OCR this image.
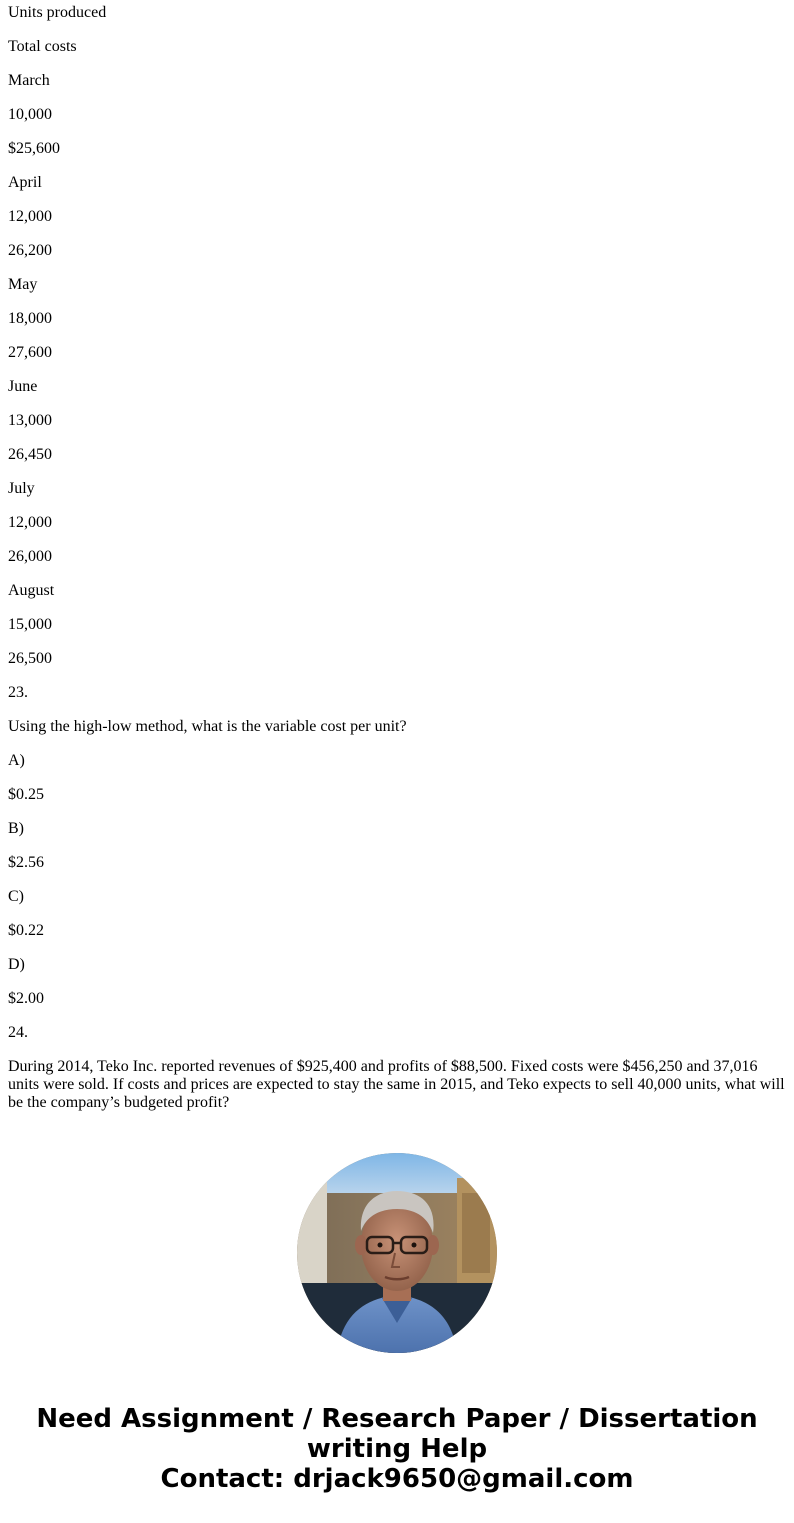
Units produced

Total costs

March

10,000

$25,600

April

12,000

26,200

May

18,000

27,600

June

13,000

26,450

July

12,000

26,000

August

15,000

26,500

23.

Using the high-low method, what is the variable cost per unit?

A)

$0.25

B)

$2.56

C)

$0.22

D)

$2.00

24.

During 2014, Teko Inc. reported revenues of $925,400 and profits of $88,500. Fixed costs were $456,250 and 37,016 units were sold. If costs and prices are expected to stay the same in 2015, and Teko expects to sell 40,000 units, what will be the company’s budgeted profit?

Need Assignment / Research Paper / Dissertation
writing Help
Contact: drjack9650@gmail.com
